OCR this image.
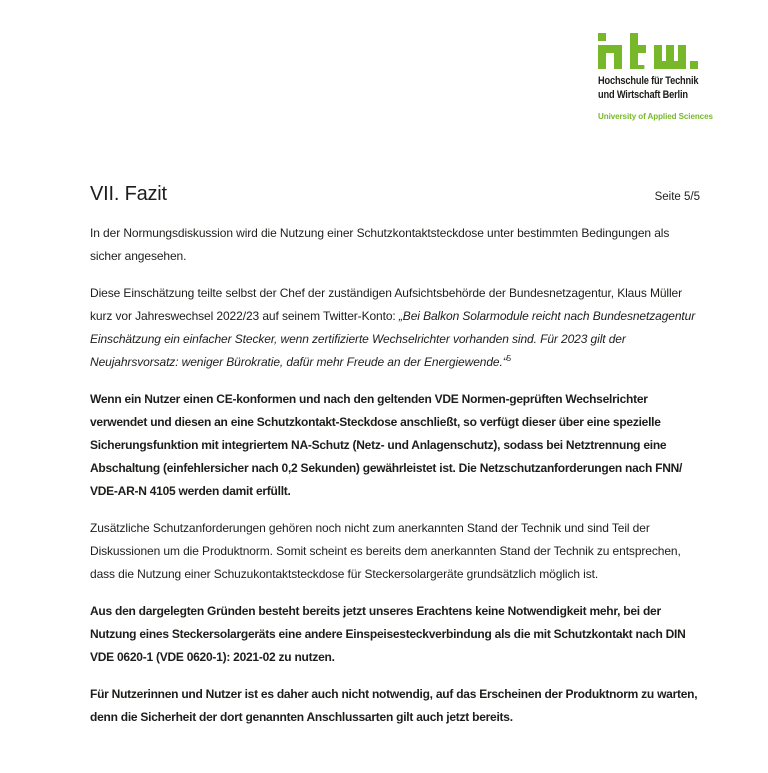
Hochschule für Technik
und Wirtschaft Berlin
University of Applied Sciences
VII. Fazit	Seite 5/5

In der Normungsdiskussion wird die Nutzung einer Schutzkontaktsteckdose unter bestimmten Bedingungen als sicher angesehen.

Diese Einschätzung teilte selbst der Chef der zuständigen Aufsichtsbehörde der Bundesnetzagentur, Klaus Müller kurz vor Jahreswechsel 2022/23 auf seinem Twitter-Konto: „Bei Balkon Solarmodule reicht nach Bundesnetzagentur Einschätzung ein einfacher Stecker, wenn zertifizierte Wechselrichter vorhanden sind. Für 2023 gilt der Neujahrsvorsatz: weniger Bürokratie, dafür mehr Freude an der Energiewende.“$^5$

Wenn ein Nutzer einen CE-konformen und nach den geltenden VDE Normen-geprüften Wechselrichter verwendet und diesen an eine Schutzkontakt-Steckdose anschließt, so verfügt dieser über eine spezielle Sicherungsfunktion mit integriertem NA-Schutz (Netz- und Anlagenschutz), sodass bei Netztrennung eine Abschaltung (einfehlersicher nach 0,2 Sekunden) gewährleistet ist. Die Netzschutzanforderungen nach FNN/ VDE-AR-N 4105 werden damit erfüllt.

Zusätzliche Schutzanforderungen gehören noch nicht zum anerkannten Stand der Technik und sind Teil der Diskussionen um die Produktnorm. Somit scheint es bereits dem anerkannten Stand der Technik zu entsprechen, dass die Nutzung einer Schuzukontaktsteckdose für Steckersolargeräte grundsätzlich möglich ist.

Aus den dargelegten Gründen besteht bereits jetzt unseres Erachtens keine Notwendigkeit mehr, bei der Nutzung eines Steckersolargeräts eine andere Einspeisesteckverbindung als die mit Schutzkontakt nach DIN VDE 0620-1 (VDE 0620-1): 2021-02 zu nutzen.

Für Nutzerinnen und Nutzer ist es daher auch nicht notwendig, auf das Erscheinen der Produktnorm zu warten, denn die Sicherheit der dort genannten Anschlussarten gilt auch jetzt bereits.
